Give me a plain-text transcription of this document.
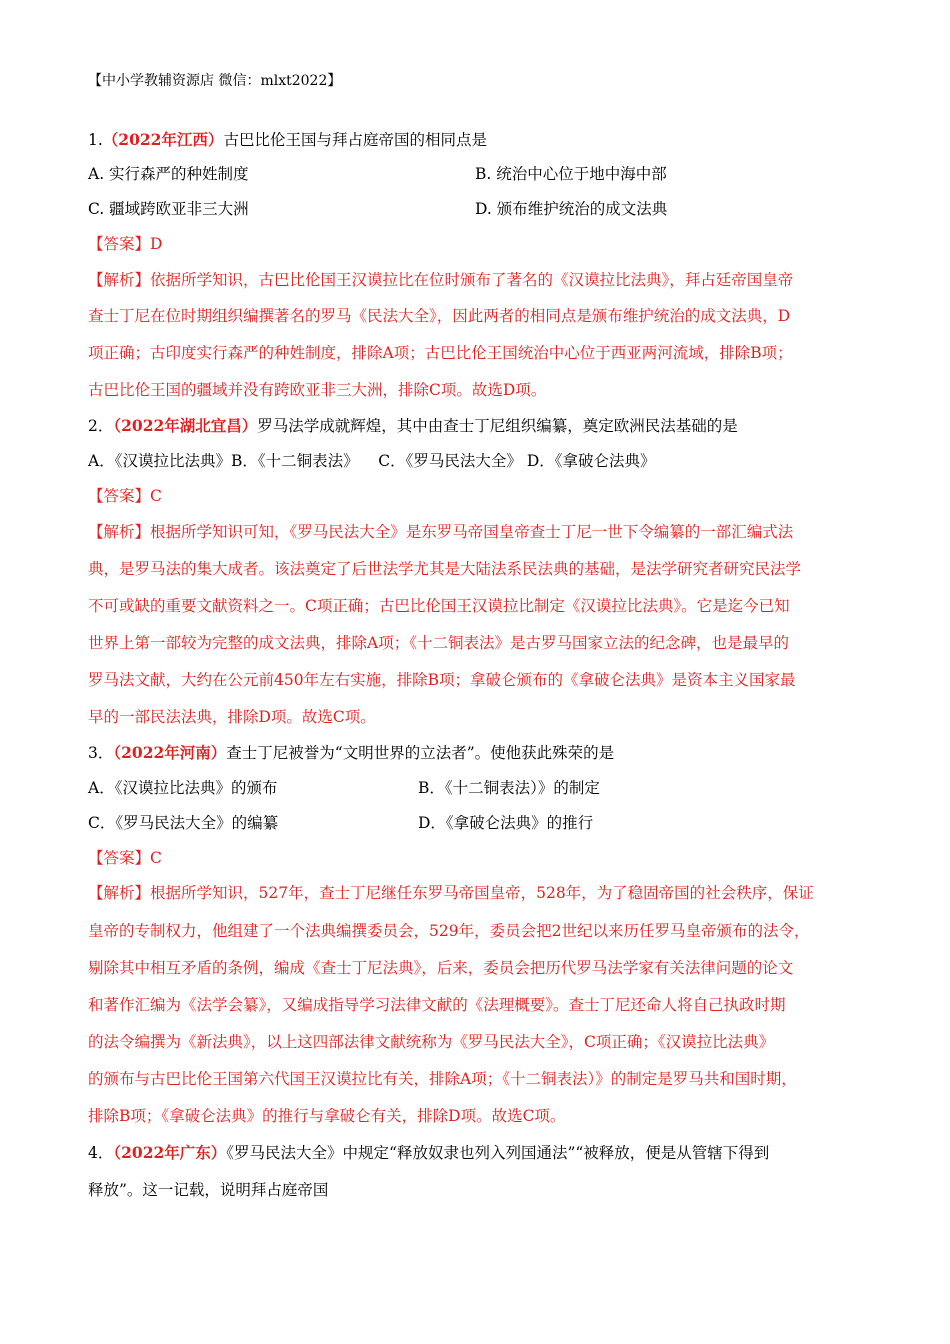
【中小学教辅资源店 微信：mlxt2022】
1.（2022年江西）古巴比伦王国与拜占庭帝国的相同点是
A. 实行森严的种姓制度	B. 统治中心位于地中海中部
C. 疆域跨欧亚非三大洲	D. 颁布维护统治的成文法典
【答案】D
【解析】依据所学知识，古巴比伦国王汉谟拉比在位时颁布了著名的《汉谟拉比法典》，拜占廷帝国皇帝
查士丁尼在位时期组织编撰著名的罗马《民法大全》，因此两者的相同点是颁布维护统治的成文法典，D
项正确；古印度实行森严的种姓制度，排除A项；古巴比伦王国统治中心位于西亚两河流域，排除B项；
古巴比伦王国的疆域并没有跨欧亚非三大洲，排除C项。故选D项。
2．（2022年湖北宜昌）罗马法学成就辉煌，其中由查士丁尼组织编纂，奠定欧洲民法基础的是
A．《汉谟拉比法典》B．《十二铜表法》    C．《罗马民法大全》 D．《拿破仑法典》
【答案】C
【解析】根据所学知识可知，《罗马民法大全》是东罗马帝国皇帝查士丁尼一世下令编纂的一部汇编式法
典，是罗马法的集大成者。该法奠定了后世法学尤其是大陆法系民法典的基础，是法学研究者研究民法学
不可或缺的重要文献资料之一。C项正确；古巴比伦国王汉谟拉比制定《汉谟拉比法典》。它是迄今已知
世界上第一部较为完整的成文法典，排除A项；《十二铜表法》是古罗马国家立法的纪念碑，也是最早的
罗马法文献，大约在公元前450年左右实施，排除B项；拿破仑颁布的《拿破仑法典》是资本主义国家最
早的一部民法法典，排除D项。故选C项。
3．（2022年河南）查士丁尼被誉为“文明世界的立法者”。使他获此殊荣的是
A．《汉谟拉比法典》的颁布	B．《十二铜表法）》的制定
C．《罗马民法大全》的编纂	D．《拿破仑法典》的推行
【答案】C
【解析】根据所学知识，527年，查士丁尼继任东罗马帝国皇帝，528年，为了稳固帝国的社会秩序，保证
皇帝的专制权力，他组建了一个法典编撰委员会，529年，委员会把2世纪以来历任罗马皇帝颁布的法令，
剔除其中相互矛盾的条例，编成《查士丁尼法典》，后来，委员会把历代罗马法学家有关法律问题的论文
和著作汇编为《法学会纂》，又编成指导学习法律文献的《法理概要》。查士丁尼还命人将自己执政时期
的法令编撰为《新法典》，以上这四部法律文献统称为《罗马民法大全》，C项正确；《汉谟拉比法典》
的颁布与古巴比伦王国第六代国王汉谟拉比有关，排除A项；《十二铜表法）》的制定是罗马共和国时期，
排除B项；《拿破仑法典》的推行与拿破仑有关，排除D项。故选C项。
4．（2022年广东）《罗马民法大全》中规定“释放奴隶也列入列国通法”“被释放，便是从管辖下得到
释放”。这一记载，说明拜占庭帝国
